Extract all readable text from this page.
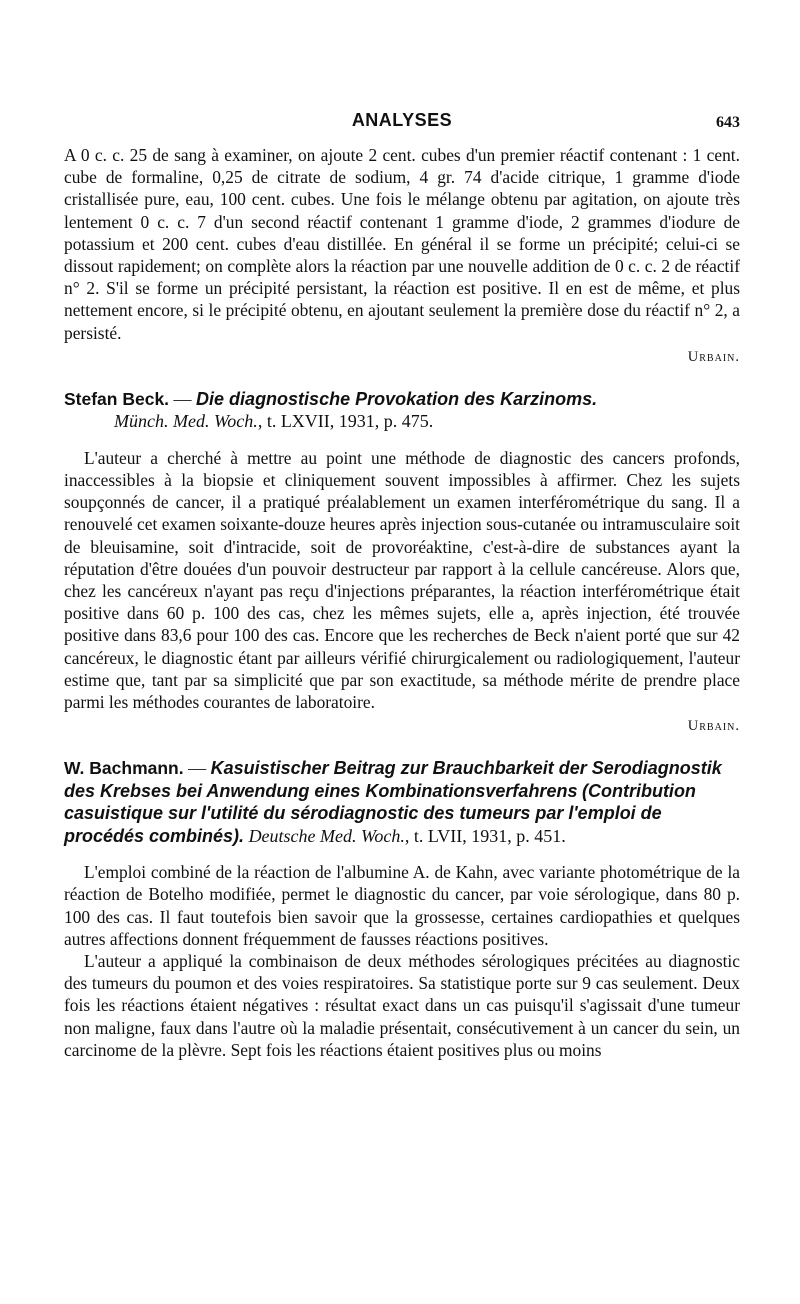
ANALYSES	643

A 0 c. c. 25 de sang à examiner, on ajoute 2 cent. cubes d'un premier réactif contenant : 1 cent. cube de formaline, 0,25 de citrate de sodium, 4 gr. 74 d'acide citrique, 1 gramme d'iode cristallisée pure, eau, 100 cent. cubes. Une fois le mélange obtenu par agitation, on ajoute très lentement 0 c. c. 7 d'un second réactif contenant 1 gramme d'iode, 2 grammes d'iodure de potassium et 200 cent. cubes d'eau distillée. En général il se forme un précipité; celui-ci se dissout rapidement; on complète alors la réaction par une nouvelle addition de 0 c. c. 2 de réactif n° 2. S'il se forme un précipité persistant, la réaction est positive. Il en est de même, et plus nettement encore, si le précipité obtenu, en ajoutant seulement la première dose du réactif n° 2, a persisté.

Urbain.
Stefan Beck. — Die diagnostische Provokation des Karzinoms.
Münch. Med. Woch., t. LXVII, 1931, p. 475.

L'auteur a cherché à mettre au point une méthode de diagnostic des cancers profonds, inaccessibles à la biopsie et cliniquement souvent impossibles à affirmer. Chez les sujets soupçonnés de cancer, il a pratiqué préalablement un examen interférométrique du sang. Il a renouvelé cet examen soixante-douze heures après injection sous-cutanée ou intramusculaire soit de bleuisamine, soit d'intracide, soit de provoréaktine, c'est-à-dire de substances ayant la réputation d'être douées d'un pouvoir destructeur par rapport à la cellule cancéreuse. Alors que, chez les cancéreux n'ayant pas reçu d'injections préparantes, la réaction interférométrique était positive dans 60 p. 100 des cas, chez les mêmes sujets, elle a, après injection, été trouvée positive dans 83,6 pour 100 des cas. Encore que les recherches de Beck n'aient porté que sur 42 cancéreux, le diagnostic étant par ailleurs vérifié chirurgicalement ou radiologiquement, l'auteur estime que, tant par sa simplicité que par son exactitude, sa méthode mérite de prendre place parmi les méthodes courantes de laboratoire.

Urbain.
W. Bachmann. — Kasuistischer Beitrag zur Brauchbarkeit der Serodiagnostik des Krebses bei Anwendung eines Kombinationsverfahrens (Contribution casuistique sur l'utilité du sérodiagnostic des tumeurs par l'emploi de procédés combinés). Deutsche Med. Woch., t. LVII, 1931, p. 451.

L'emploi combiné de la réaction de l'albumine A. de Kahn, avec variante photométrique de la réaction de Botelho modifiée, permet le diagnostic du cancer, par voie sérologique, dans 80 p. 100 des cas. Il faut toutefois bien savoir que la grossesse, certaines cardiopathies et quelques autres affections donnent fréquemment de fausses réactions positives.

L'auteur a appliqué la combinaison de deux méthodes sérologiques précitées au diagnostic des tumeurs du poumon et des voies respiratoires. Sa statistique porte sur 9 cas seulement. Deux fois les réactions étaient négatives : résultat exact dans un cas puisqu'il s'agissait d'une tumeur non maligne, faux dans l'autre où la maladie présentait, consécutivement à un cancer du sein, un carcinome de la plèvre. Sept fois les réactions étaient positives plus ou moins
